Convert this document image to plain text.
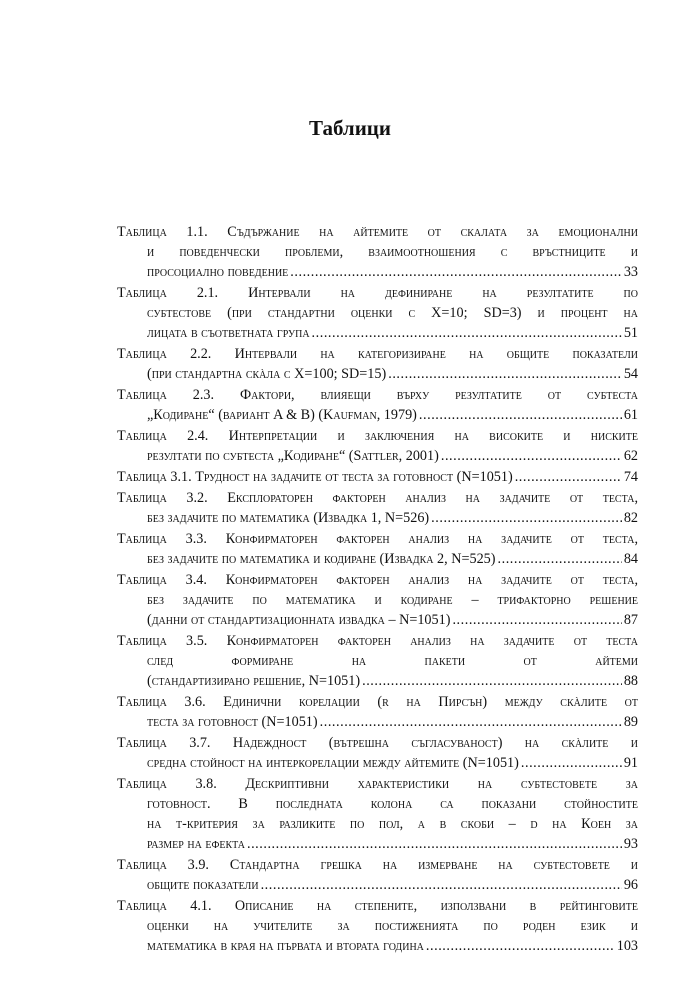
Таблици
Таблица 1.1. Съдържание на айтемите от скалата за емоционални
и поведенчески проблеми, взаимоотношения с връстниците и
просоциално поведение . . .	33
Таблица 2.1. Интервали на дефиниране на резултатите по
субтестове (при стандартни оценки с X=10; SD=3) и процент на
лицата в съответната група . . .	51
Таблица 2.2. Интервали на категоризиране на общите показатели
(при стандартна скàла с X=100; SD=15) . . .	54
Таблица 2.3. Фактори, влияещи върху резултатите от субтеста
„Кодиране“ (вариант A & B) (Kaufman, 1979) . . .	61
Таблица 2.4. Интерпретации и заключения на високите и ниските
резултати по субтеста „Кодиране“ (Sattler, 2001) . . .	62
Таблица 3.1. Трудност на задачите от теста за готовност (N=1051) . . .	74
Таблица 3.2. Експлораторен факторен анализ на задачите от теста,
без задачите по математика (Извадка 1, N=526) . . .	82
Таблица 3.3. Конфирматорен факторен анализ на задачите от теста,
без задачите по математика и кодиране (Извадка 2, N=525) . . .	84
Таблица 3.4. Конфирматорен факторен анализ на задачите от теста,
без задачите по математика и кодиране – трифакторно решение
(данни от стандартизационната извадка – N=1051) . . .	87
Таблица 3.5. Конфирматорен факторен анализ на задачите от теста
след формиране на пакети от айтеми
(стандартизирано решение, N=1051) . . .	88
Таблица 3.6. Единични корелации (r на Пирсън) между скàлите от
теста за готовност (N=1051) . . .	89
Таблица 3.7. Надеждност (вътрешна съгласуваност) на скàлите и
средна стойност на интеркорелации между айтемите (N=1051) . . .	91
Таблица 3.8. Дескриптивни характеристики на субтестовете за
готовност. В последната колона са показани стойностите
на t-критерия за разликите по пол, а в скоби – d на Коен за
размер на ефекта . . .	93
Таблица 3.9. Стандартна грешка на измерване на субтестовете и
общите показатели . . .	96
Таблица 4.1. Описание на степените, използвани в рейтинговите
оценки на учителите за постиженията по роден език и
математика в края на първата и втората година . . .	103
